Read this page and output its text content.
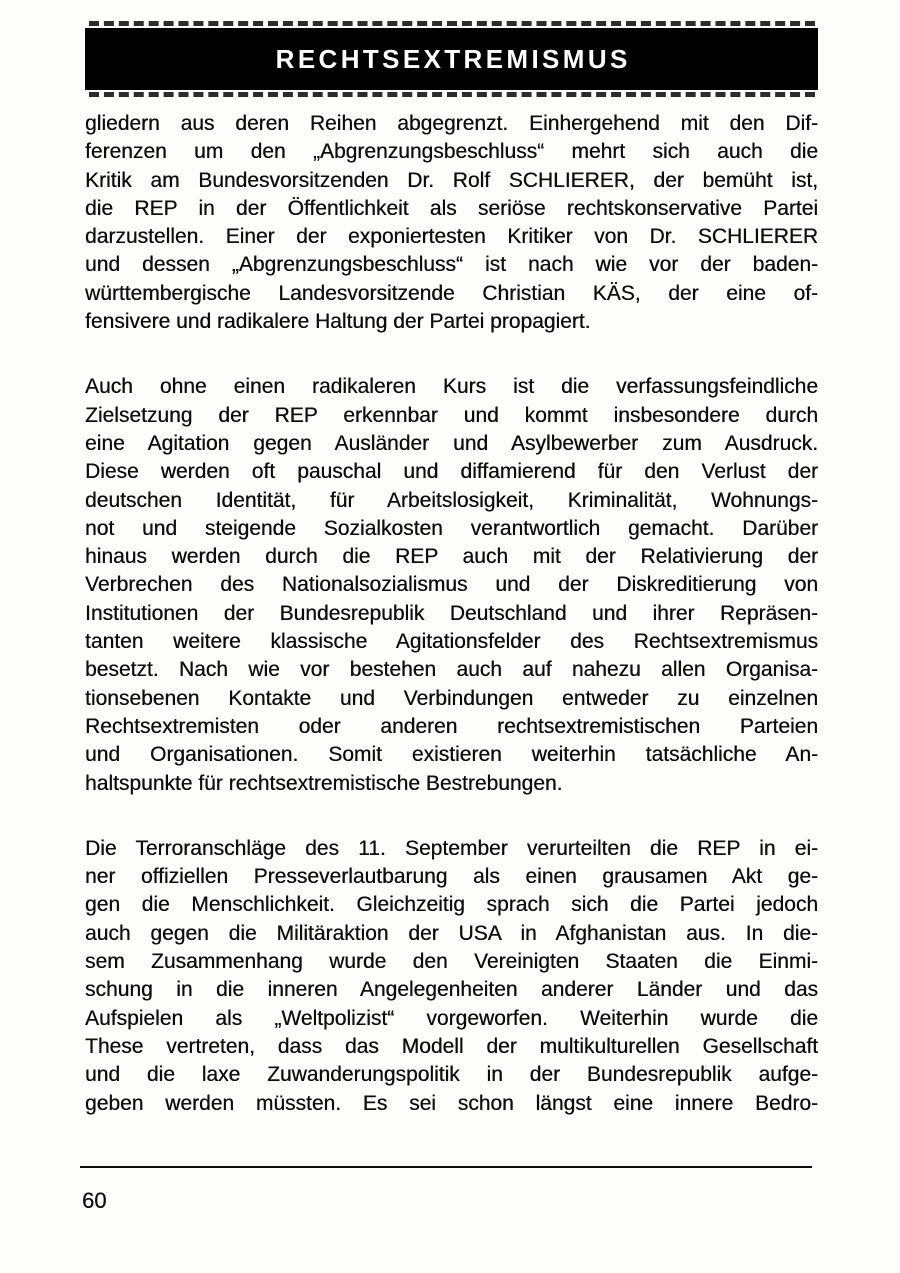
RECHTSEXTREMISMUS
gliedern aus deren Reihen abgegrenzt. Einhergehend mit den Dif-
ferenzen um den „Abgrenzungsbeschluss“ mehrt sich auch die
Kritik am Bundesvorsitzenden Dr. Rolf SCHLIERER, der bemüht ist,
die REP in der Öffentlichkeit als seriöse rechtskonservative Partei
darzustellen. Einer der exponiertesten Kritiker von Dr. SCHLIERER
und dessen „Abgrenzungsbeschluss“ ist nach wie vor der baden-
württembergische Landesvorsitzende Christian KÄS, der eine of-
fensivere und radikalere Haltung der Partei propagiert.
Auch ohne einen radikaleren Kurs ist die verfassungsfeindliche
Zielsetzung der REP erkennbar und kommt insbesondere durch
eine Agitation gegen Ausländer und Asylbewerber zum Ausdruck.
Diese werden oft pauschal und diffamierend für den Verlust der
deutschen Identität, für Arbeitslosigkeit, Kriminalität, Wohnungs-
not und steigende Sozialkosten verantwortlich gemacht. Darüber
hinaus werden durch die REP auch mit der Relativierung der
Verbrechen des Nationalsozialismus und der Diskreditierung von
Institutionen der Bundesrepublik Deutschland und ihrer Repräsen-
tanten weitere klassische Agitationsfelder des Rechtsextremismus
besetzt. Nach wie vor bestehen auch auf nahezu allen Organisa-
tionsebenen Kontakte und Verbindungen entweder zu einzelnen
Rechtsextremisten oder anderen rechtsextremistischen Parteien
und Organisationen. Somit existieren weiterhin tatsächliche An-
haltspunkte für rechtsextremistische Bestrebungen.
Die Terroranschläge des 11. September verurteilten die REP in ei-
ner offiziellen Presseverlautbarung als einen grausamen Akt ge-
gen die Menschlichkeit. Gleichzeitig sprach sich die Partei jedoch
auch gegen die Militäraktion der USA in Afghanistan aus. In die-
sem Zusammenhang wurde den Vereinigten Staaten die Einmi-
schung in die inneren Angelegenheiten anderer Länder und das
Aufspielen als „Weltpolizist“ vorgeworfen. Weiterhin wurde die
These vertreten, dass das Modell der multikulturellen Gesellschaft
und die laxe Zuwanderungspolitik in der Bundesrepublik aufge-
geben werden müssten. Es sei schon längst eine innere Bedro-
60
